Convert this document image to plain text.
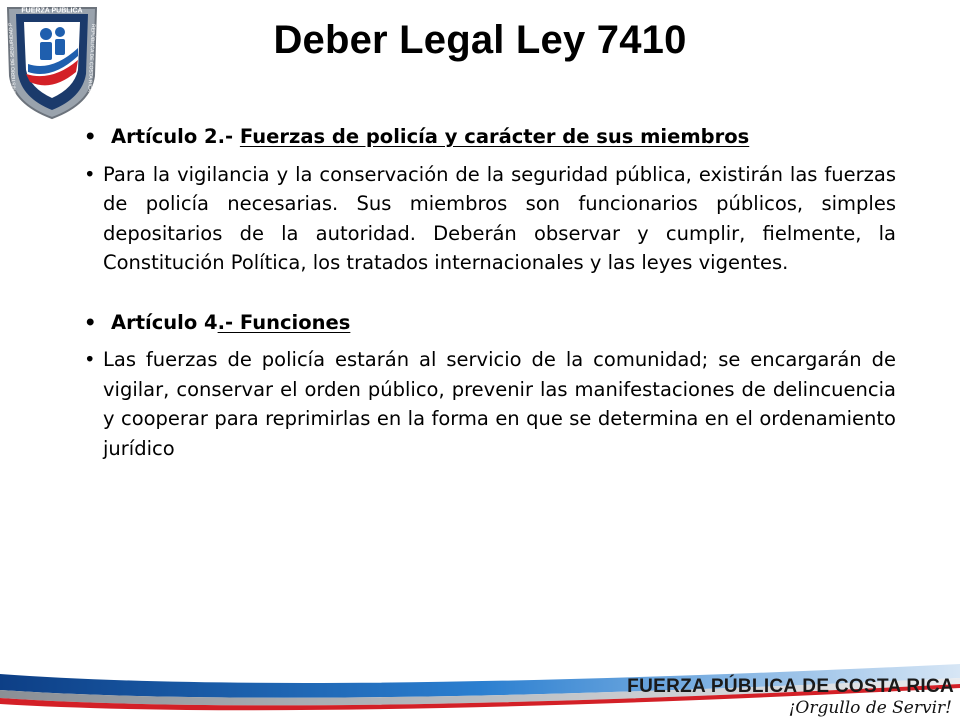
FUERZA PÚBLICA
MINISTERIO DE SEGURIDAD P	REPÚBLICA DE COSTA RICA
Deber Legal Ley 7410
• Artículo 2.- Fuerzas de policía y carácter de sus miembros
• Para la vigilancia y la conservación de la seguridad pública, existirán las fuerzas de policía necesarias. Sus miembros son funcionarios públicos, simples depositarios de la autoridad. Deberán observar y cumplir, fielmente, la Constitución Política, los tratados internacionales y las leyes vigentes.
• Artículo 4.- Funciones
• Las fuerzas de policía estarán al servicio de la comunidad; se encargarán de vigilar, conservar el orden público, prevenir las manifestaciones de delincuencia y cooperar para reprimirlas en la forma en que se determina en el ordenamiento jurídico
FUERZA PÚBLICA DE COSTA RICA
¡Orgullo de Servir!
